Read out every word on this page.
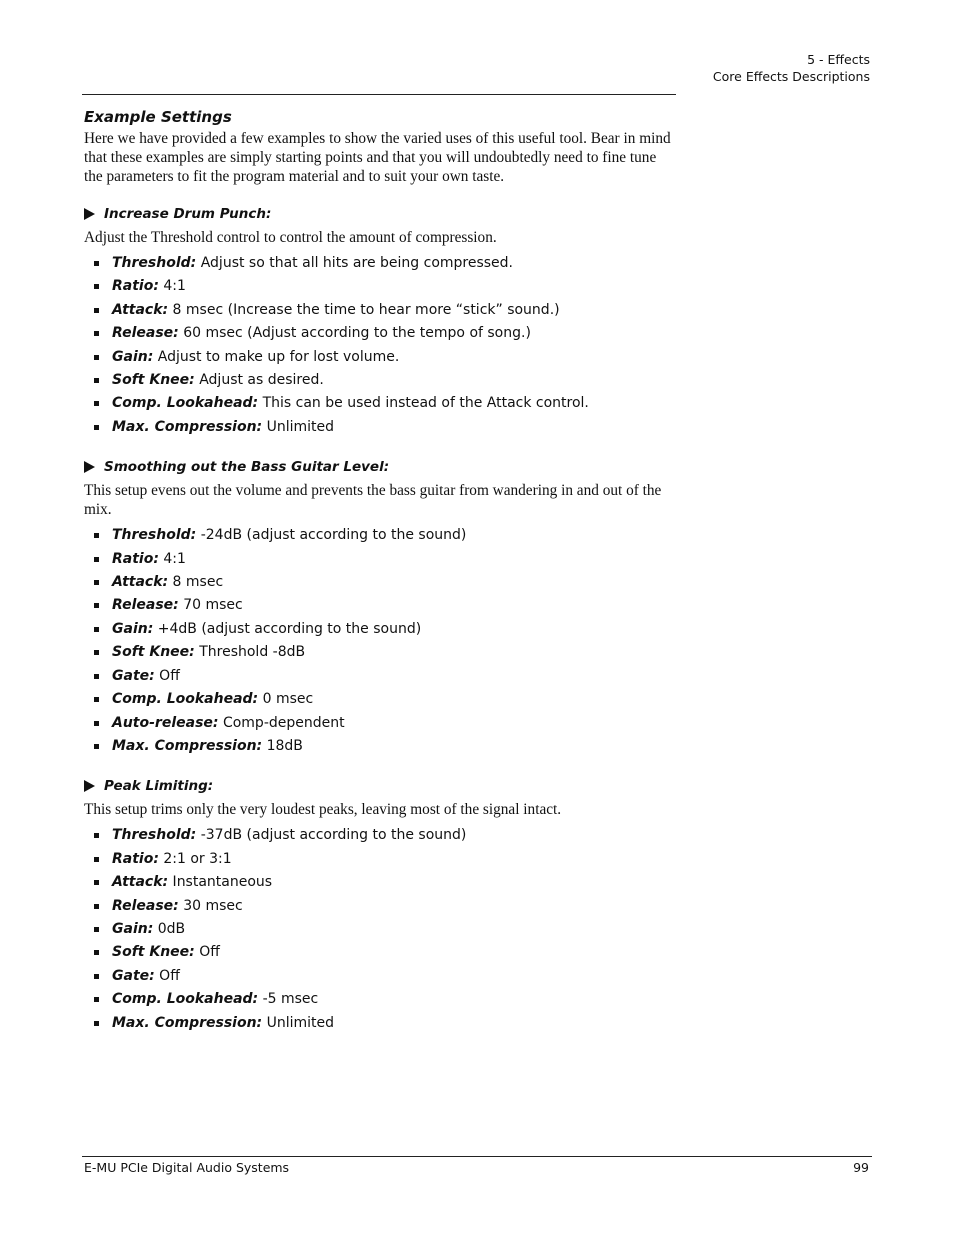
5 - Effects
Core Effects Descriptions
Example Settings

Here we have provided a few examples to show the varied uses of this useful tool. Bear in mind that these examples are simply starting points and that you will undoubtedly need to fine tune the parameters to fit the program material and to suit your own taste.

Increase Drum Punch:

Adjust the Threshold control to control the amount of compression.

Threshold: Adjust so that all hits are being compressed.
Ratio: 4:1
Attack: 8 msec (Increase the time to hear more “stick” sound.)
Release: 60 msec (Adjust according to the tempo of song.)
Gain: Adjust to make up for lost volume.
Soft Knee: Adjust as desired.
Comp. Lookahead: This can be used instead of the Attack control.
Max. Compression: Unlimited
Smoothing out the Bass Guitar Level:

This setup evens out the volume and prevents the bass guitar from wandering in and out of the mix.

Threshold: -24dB (adjust according to the sound)
Ratio: 4:1
Attack: 8 msec
Release: 70 msec
Gain: +4dB (adjust according to the sound)
Soft Knee: Threshold -8dB
Gate: Off
Comp. Lookahead: 0 msec
Auto-release: Comp-dependent
Max. Compression: 18dB
Peak Limiting:

This setup trims only the very loudest peaks, leaving most of the signal intact.

Threshold: -37dB (adjust according to the sound)
Ratio: 2:1 or 3:1
Attack: Instantaneous
Release: 30 msec
Gain: 0dB
Soft Knee: Off
Gate: Off
Comp. Lookahead: -5 msec
Max. Compression: Unlimited
E-MU PCIe Digital Audio Systems	99
